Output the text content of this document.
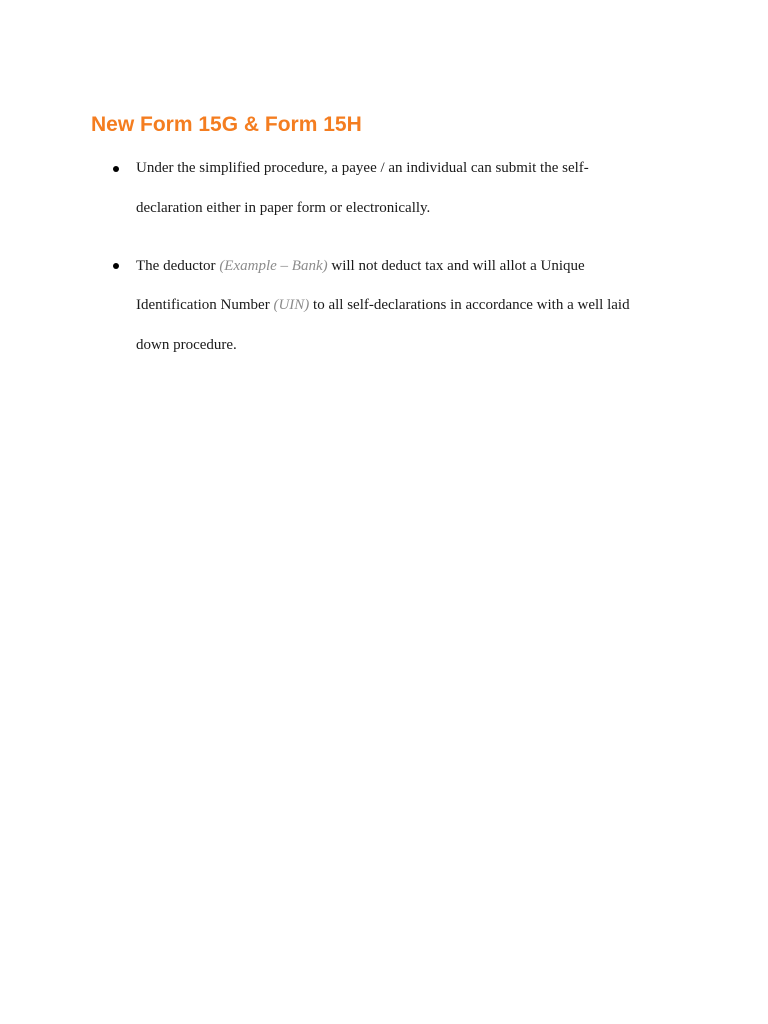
New Form 15G & Form 15H

Under the simplified procedure, a payee / an individual can submit the self-

declaration either in paper form or electronically.

The deductor (Example – Bank) will not deduct tax and will allot a Unique

Identification Number (UIN) to all self-declarations in accordance with a well laid

down procedure.
